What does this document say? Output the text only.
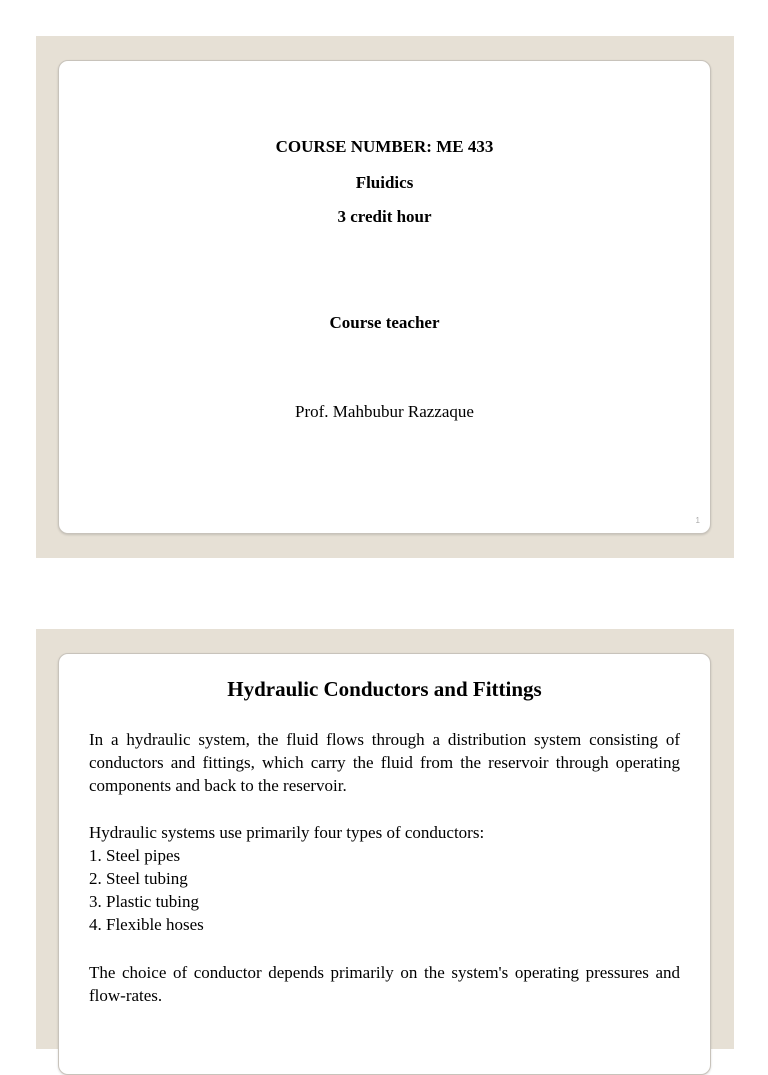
COURSE NUMBER: ME 433
Fluidics
3 credit hour
Course teacher
Prof. Mahbubur Razzaque
1
Hydraulic Conductors and Fittings
In a hydraulic system, the fluid flows through a distribution system consisting of conductors and fittings, which carry the fluid from the reservoir through operating components and back to the reservoir.
Hydraulic systems use primarily four types of conductors:
1. Steel pipes
2. Steel tubing
3. Plastic tubing
4. Flexible hoses
The choice of conductor depends primarily on the system's operating pressures and flow-rates.
